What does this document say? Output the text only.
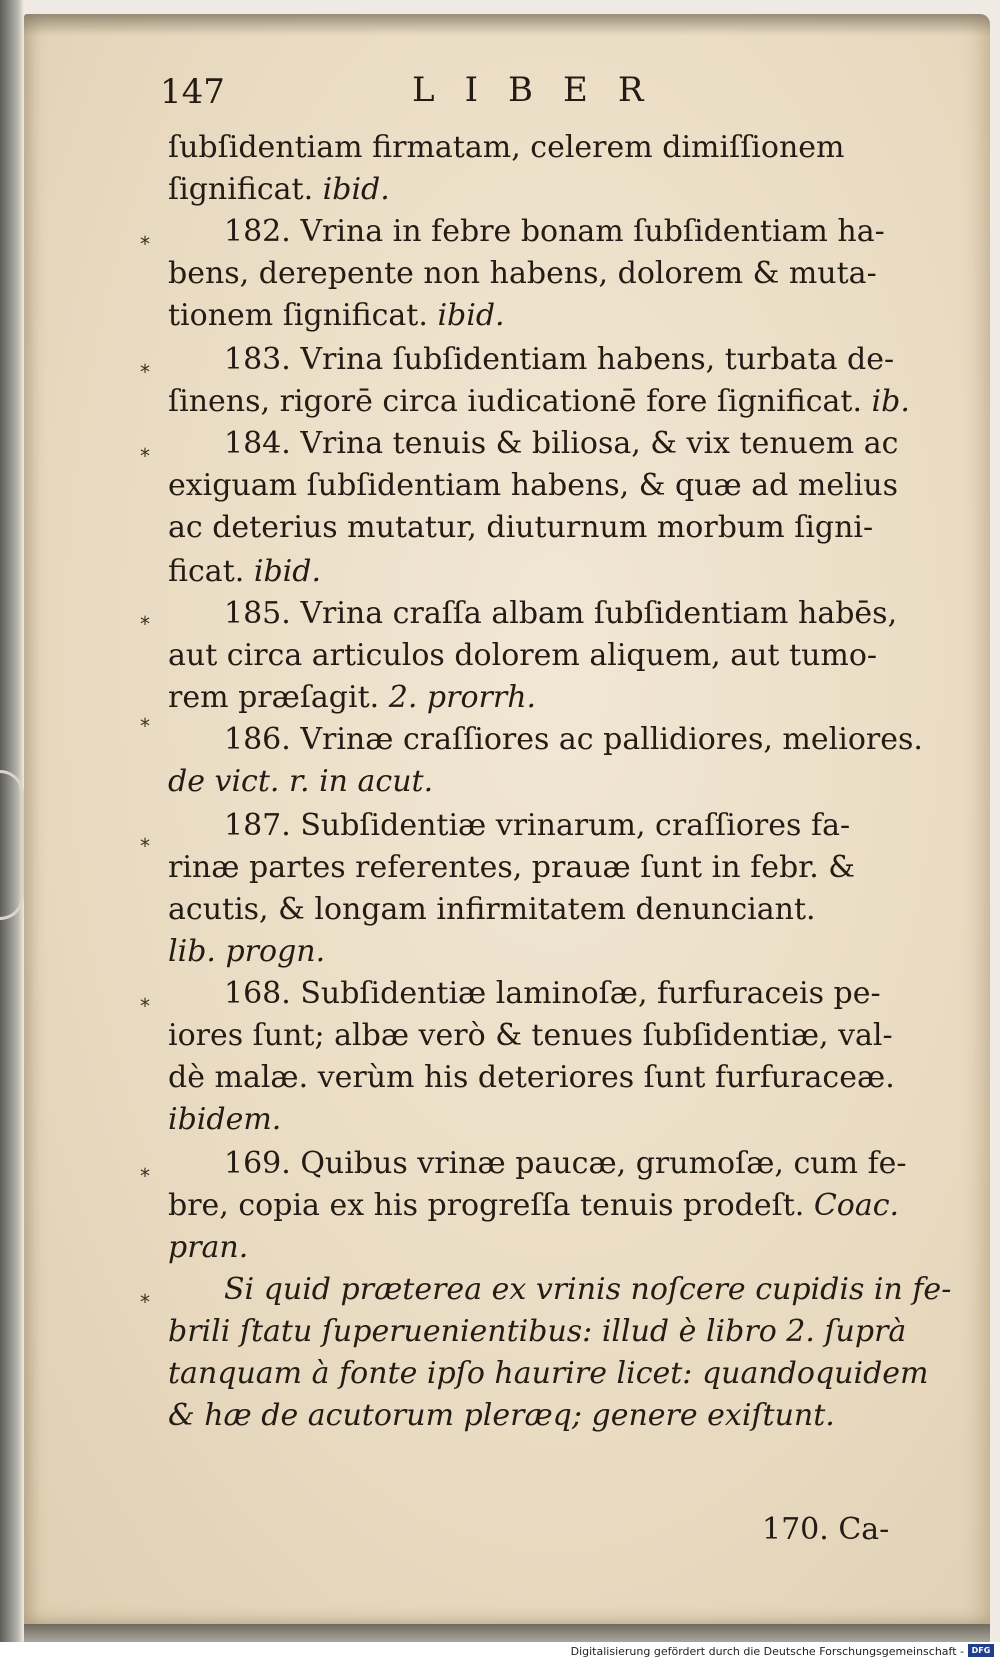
147	LIBER
*
*
*
*
*
*
*
*
*
ſubſidentiam firmatam, celerem dimiſſionem
ſignificat. ibid.
182. Vrina in febre bonam ſubſidentiam ha-
bens, derepente non habens, dolorem & muta-
tionem ſignificat. ibid.
183. Vrina ſubſidentiam habens, turbata de-
ſinens, rigorē circa iudicationē fore ſignificat. ib.
184. Vrina tenuis & biliosa, & vix tenuem ac
exiguam ſubſidentiam habens, & quæ ad melius
ac deterius mutatur, diuturnum morbum ſigni-
ficat. ibid.
185. Vrina craſſa albam ſubſidentiam habēs,
aut circa articulos dolorem aliquem, aut tumo-
rem præſagit. 2. prorrh.
186. Vrinæ craſſiores ac pallidiores, meliores.
de vict. r. in acut.
187. Subſidentiæ vrinarum, craſſiores fa-
rinæ partes referentes, prauæ ſunt in febr. &
acutis, & longam infirmitatem denunciant.
lib. progn.
168. Subſidentiæ laminoſæ, furfuraceis pe-
iores ſunt; albæ verò & tenues ſubſidentiæ, val-
dè malæ. verùm his deteriores ſunt furfuraceæ.
ibidem.
169. Quibus vrinæ paucæ, grumoſæ, cum fe-
bre, copia ex his progreſſa tenuis prodeſt. Coac.
pran.
Si quid præterea ex vrinis noſcere cupidis in fe-
brili ſtatu ſuperuenientibus: illud è libro 2. ſuprà
tanquam à fonte ipſo haurire licet: quandoquidem
& hæ de acutorum pleræq; genere exiſtunt.
170. Ca-
Digitalisierung gefördert durch die Deutsche Forschungsgemeinschaft - DFG
